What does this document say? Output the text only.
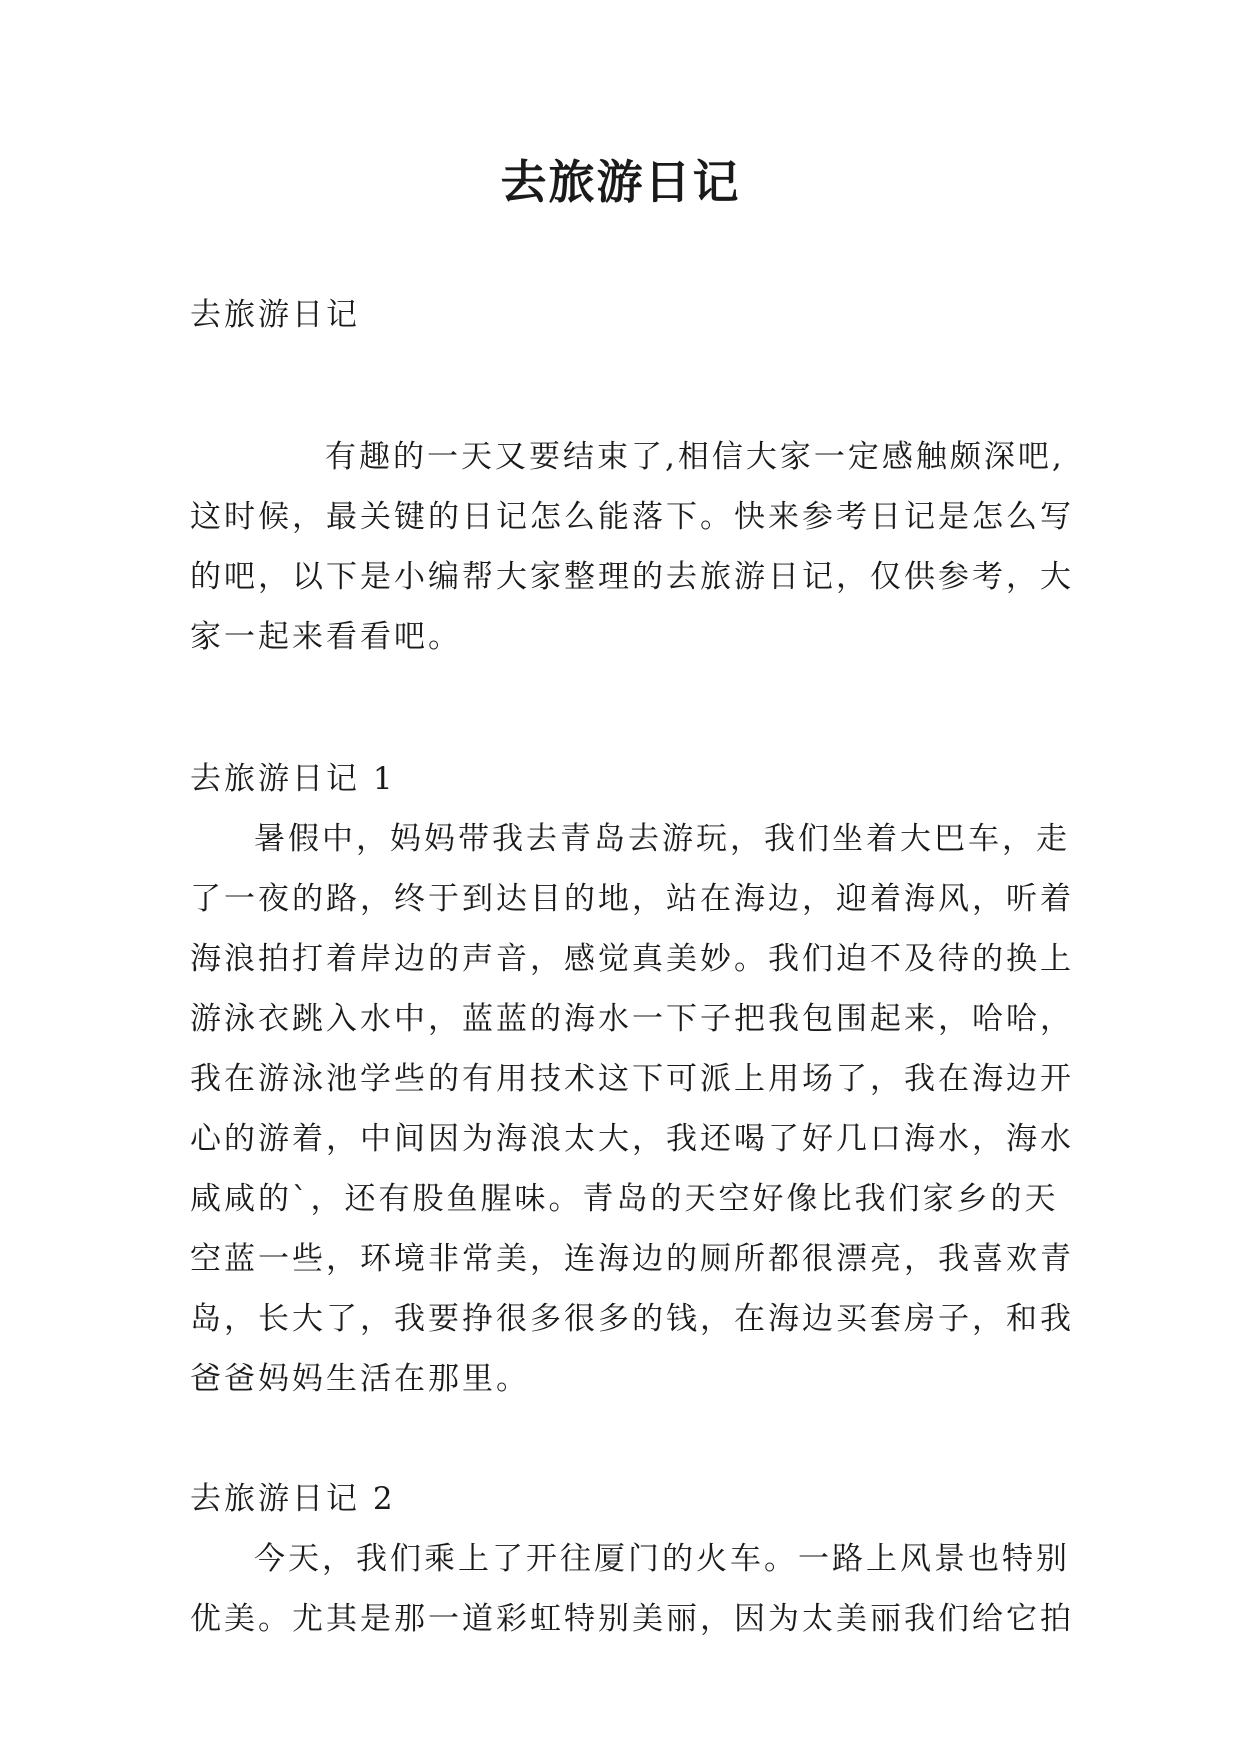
去旅游日记

去旅游日记

有趣的一天又要结束了,相信大家一定感触颇深吧,

这时候，最关键的日记怎么能落下。快来参考日记是怎么写

的吧，以下是小编帮大家整理的去旅游日记，仅供参考，大

家一起来看看吧。

去旅游日记 1

暑假中，妈妈带我去青岛去游玩，我们坐着大巴车，走

了一夜的路，终于到达目的地，站在海边，迎着海风，听着

海浪拍打着岸边的声音，感觉真美妙。我们迫不及待的换上

游泳衣跳入水中，蓝蓝的海水一下子把我包围起来，哈哈，

我在游泳池学些的有用技术这下可派上用场了，我在海边开

心的游着，中间因为海浪太大，我还喝了好几口海水，海水

咸咸的`，还有股鱼腥味。青岛的天空好像比我们家乡的天

空蓝一些，环境非常美，连海边的厕所都很漂亮，我喜欢青

岛，长大了，我要挣很多很多的钱，在海边买套房子，和我

爸爸妈妈生活在那里。

去旅游日记 2

今天，我们乘上了开往厦门的火车。一路上风景也特别

优美。尤其是那一道彩虹特别美丽，因为太美丽我们给它拍
